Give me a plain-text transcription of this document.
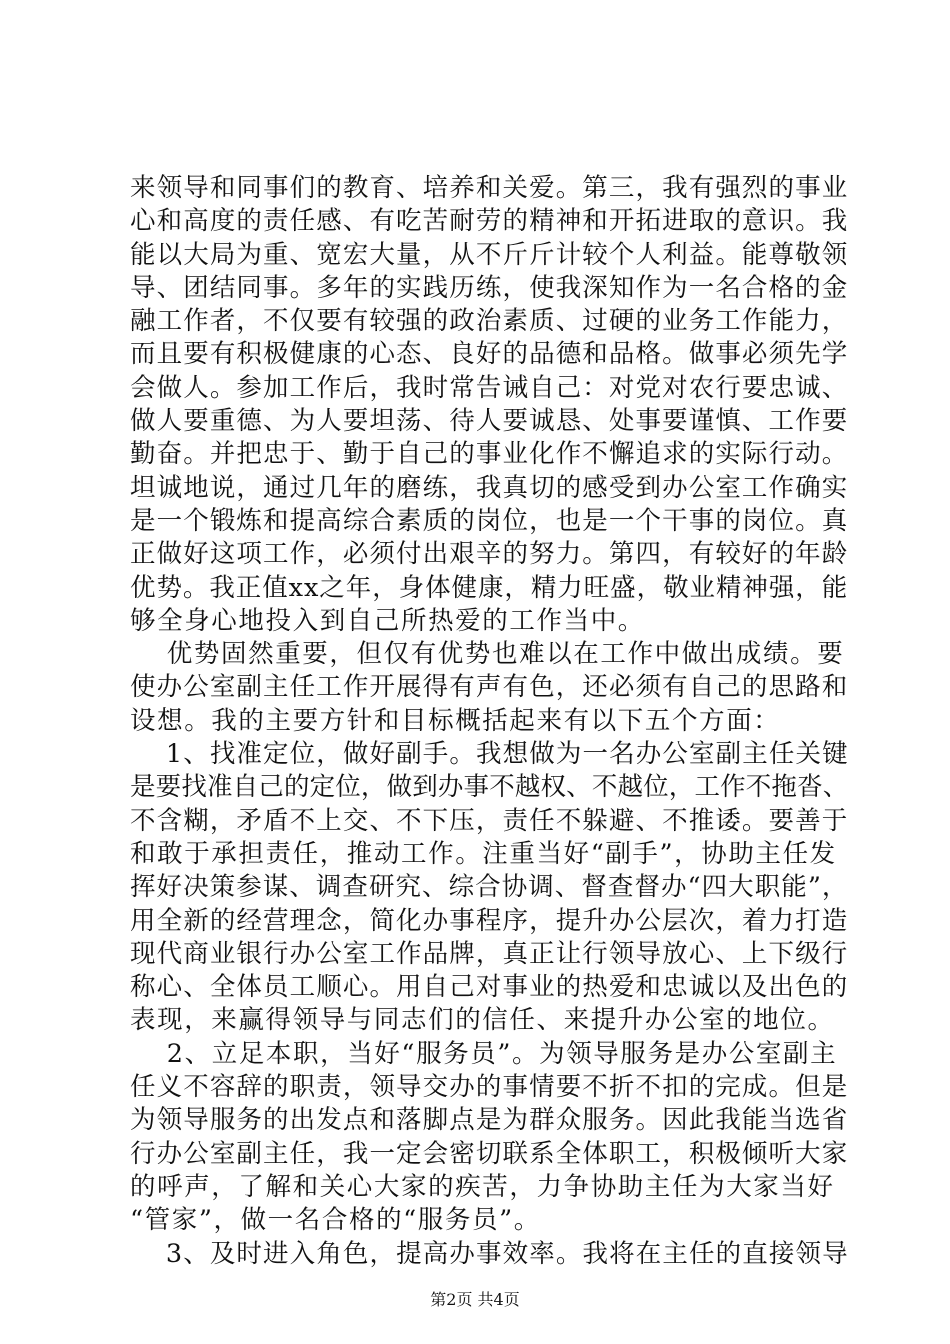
来领导和同事们的教育、培养和关爱。第三，我有强烈的事业
心和高度的责任感、有吃苦耐劳的精神和开拓进取的意识。我
能以大局为重、宽宏大量，从不斤斤计较个人利益。能尊敬领
导、团结同事。多年的实践历练，使我深知作为一名合格的金
融工作者，不仅要有较强的政治素质、过硬的业务工作能力，
而且要有积极健康的心态、良好的品德和品格。做事必须先学
会做人。参加工作后，我时常告诫自己：对党对农行要忠诚、
做人要重德、为人要坦荡、待人要诚恳、处事要谨慎、工作要
勤奋。并把忠于、勤于自己的事业化作不懈追求的实际行动。
坦诚地说，通过几年的磨练，我真切的感受到办公室工作确实
是一个锻炼和提高综合素质的岗位，也是一个干事的岗位。真
正做好这项工作，必须付出艰辛的努力。第四，有较好的年龄
优势。我正值xx之年，身体健康，精力旺盛，敬业精神强，能
够全身心地投入到自己所热爱的工作当中。
　 优势固然重要，但仅有优势也难以在工作中做出成绩。要
使办公室副主任工作开展得有声有色，还必须有自己的思路和
设想。我的主要方针和目标概括起来有以下五个方面：
　 1、找准定位，做好副手。我想做为一名办公室副主任关键
是要找准自己的定位，做到办事不越权、不越位，工作不拖沓、
不含糊，矛盾不上交、不下压，责任不躲避、不推诿。要善于
和敢于承担责任，推动工作。注重当好“副手”，协助主任发
挥好决策参谋、调查研究、综合协调、督查督办“四大职能”，
用全新的经营理念，简化办事程序，提升办公层次，着力打造
现代商业银行办公室工作品牌，真正让行领导放心、上下级行
称心、全体员工顺心。用自己对事业的热爱和忠诚以及出色的
表现，来赢得领导与同志们的信任、来提升办公室的地位。
　 2、立足本职，当好“服务员”。为领导服务是办公室副主
任义不容辞的职责，领导交办的事情要不折不扣的完成。但是
为领导服务的出发点和落脚点是为群众服务。因此我能当选省
行办公室副主任，我一定会密切联系全体职工，积极倾听大家
的呼声，了解和关心大家的疾苦，力争协助主任为大家当好
“管家”，做一名合格的“服务员”。
　 3、及时进入角色，提高办事效率。我将在主任的直接领导
第2页 共4页
